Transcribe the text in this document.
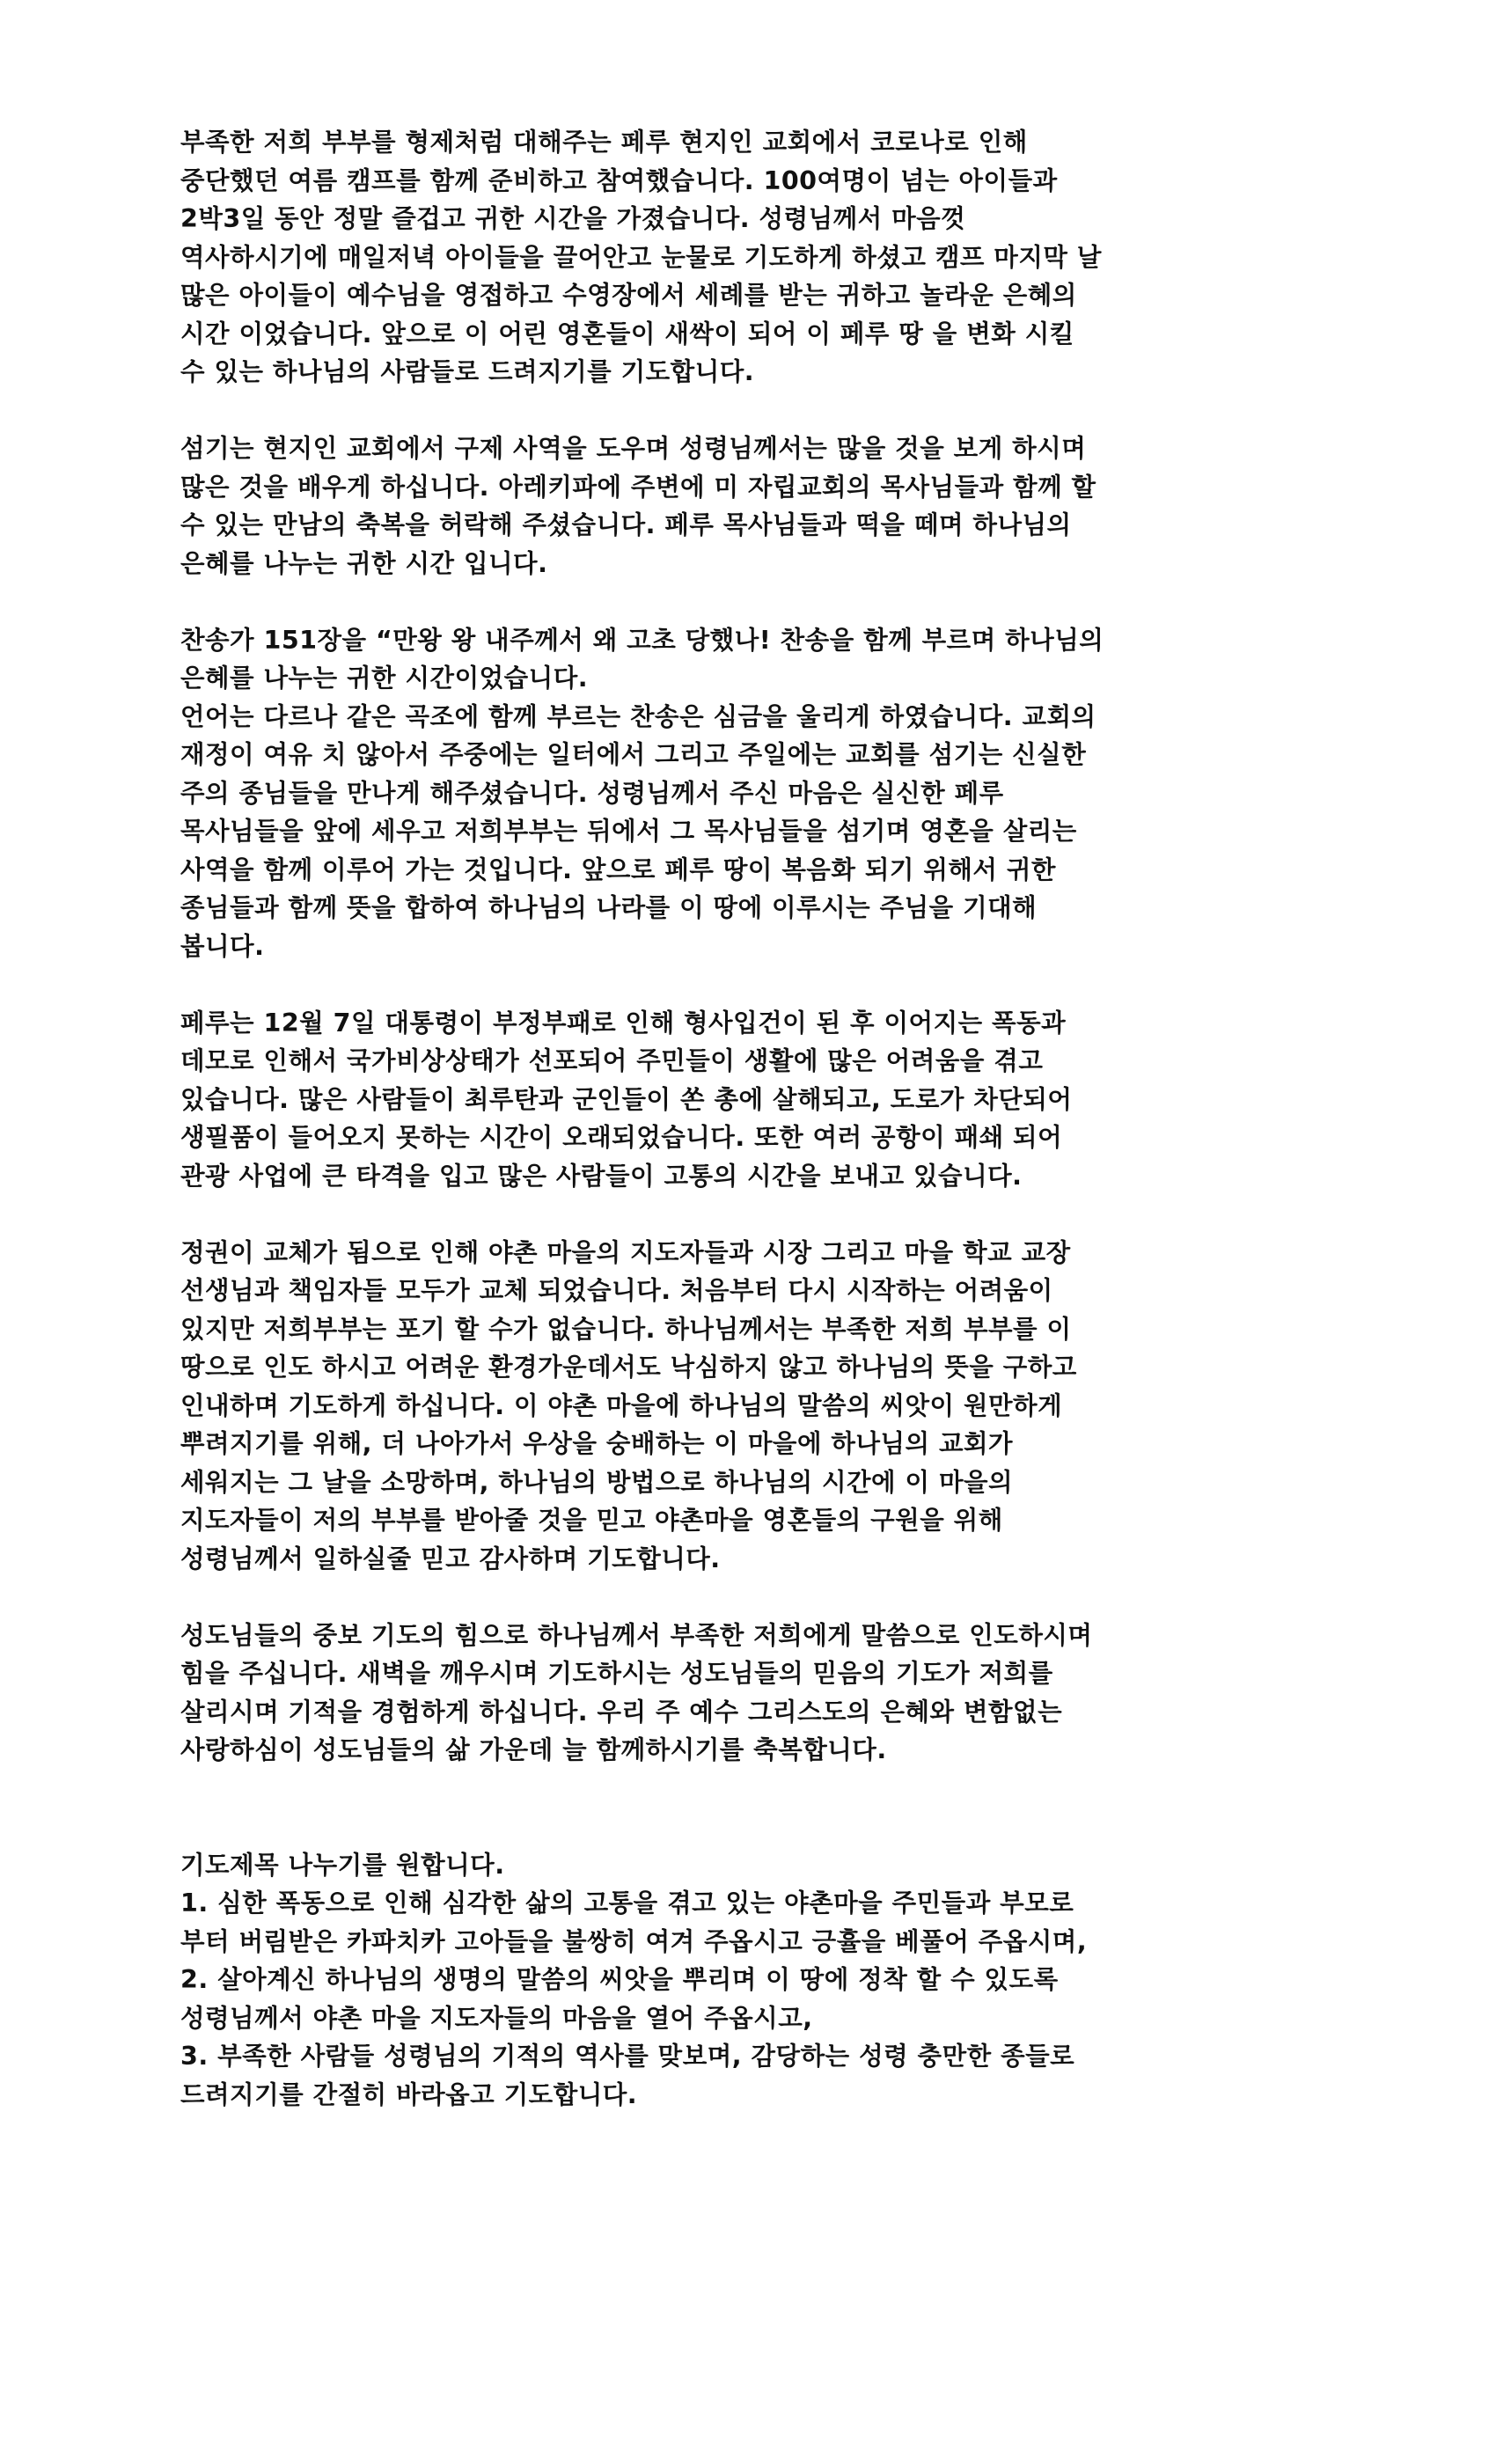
부족한 저희 부부를 형제처럼 대해주는 페루 현지인 교회에서 코로나로 인해
중단했던 여름 캠프를 함께 준비하고 참여했습니다. 100여명이 넘는 아이들과
2박3일 동안 정말 즐겁고 귀한 시간을 가졌습니다. 성령님께서 마음껏
역사하시기에 매일저녁 아이들을 끌어안고 눈물로 기도하게 하셨고 캠프 마지막 날
많은 아이들이 예수님을 영접하고 수영장에서 세례를 받는 귀하고 놀라운 은혜의
시간 이었습니다. 앞으로 이 어린 영혼들이 새싹이 되어 이 페루 땅 을 변화 시킬
수 있는 하나님의 사람들로 드려지기를 기도합니다.
섬기는 현지인 교회에서 구제 사역을 도우며 성령님께서는 많을 것을 보게 하시며
많은 것을 배우게 하십니다. 아레키파에 주변에 미 자립교회의 목사님들과 함께 할
수 있는 만남의 축복을 허락해 주셨습니다. 페루 목사님들과 떡을 떼며 하나님의
은혜를 나누는 귀한 시간 입니다.
찬송가 151장을 “만왕 왕 내주께서 왜 고초 당했나! 찬송을 함께 부르며 하나님의
은혜를 나누는 귀한 시간이었습니다.
언어는 다르나 같은 곡조에 함께 부르는 찬송은 심금을 울리게 하였습니다. 교회의
재정이 여유 치 않아서 주중에는 일터에서 그리고 주일에는 교회를 섬기는 신실한
주의 종님들을 만나게 해주셨습니다. 성령님께서 주신 마음은 실신한 페루
목사님들을 앞에 세우고 저희부부는 뒤에서 그 목사님들을 섬기며 영혼을 살리는
사역을 함께 이루어 가는 것입니다. 앞으로 페루 땅이 복음화 되기 위해서 귀한
종님들과 함께 뜻을 합하여 하나님의 나라를 이 땅에 이루시는 주님을 기대해
봅니다.
페루는 12월 7일 대통령이 부정부패로 인해 형사입건이 된 후 이어지는 폭동과
데모로 인해서 국가비상상태가 선포되어 주민들이 생활에 많은 어려움을 겪고
있습니다. 많은 사람들이 최루탄과 군인들이 쏜 총에 살해되고, 도로가 차단되어
생필품이 들어오지 못하는 시간이 오래되었습니다. 또한 여러 공항이 패쇄 되어
관광 사업에 큰 타격을 입고 많은 사람들이 고통의 시간을 보내고 있습니다.
정권이 교체가 됨으로 인해 야촌 마을의 지도자들과 시장 그리고 마을 학교 교장
선생님과 책임자들 모두가 교체 되었습니다. 처음부터 다시 시작하는 어려움이
있지만 저희부부는 포기 할 수가 없습니다. 하나님께서는 부족한 저희 부부를 이
땅으로 인도 하시고 어려운 환경가운데서도 낙심하지 않고 하나님의 뜻을 구하고
인내하며 기도하게 하십니다. 이 야촌 마을에 하나님의 말씀의 씨앗이 원만하게
뿌려지기를 위해, 더 나아가서 우상을 숭배하는 이 마을에 하나님의 교회가
세워지는 그 날을 소망하며, 하나님의 방법으로 하나님의 시간에 이 마을의
지도자들이 저의 부부를 받아줄 것을 믿고 야촌마을 영혼들의 구원을 위해
성령님께서 일하실줄 믿고 감사하며 기도합니다.
성도님들의 중보 기도의 힘으로 하나님께서 부족한 저희에게 말씀으로 인도하시며
힘을 주십니다. 새벽을 깨우시며 기도하시는 성도님들의 믿음의 기도가 저희를
살리시며 기적을 경험하게 하십니다. 우리 주 예수 그리스도의 은혜와 변함없는
사랑하심이 성도님들의 삶 가운데 늘 함께하시기를 축복합니다.
기도제목 나누기를 원합니다.
1. 심한 폭동으로 인해 심각한 삶의 고통을 겪고 있는 야촌마을 주민들과 부모로
부터 버림받은 카파치카 고아들을 불쌍히 여겨 주옵시고 긍휼을 베풀어 주옵시며,
2. 살아계신 하나님의 생명의 말씀의 씨앗을 뿌리며 이 땅에 정착 할 수 있도록
성령님께서 야촌 마을 지도자들의 마음을 열어 주옵시고,
3. 부족한 사람들 성령님의 기적의 역사를 맞보며, 감당하는 성령 충만한 종들로
드려지기를 간절히 바라옵고 기도합니다.
